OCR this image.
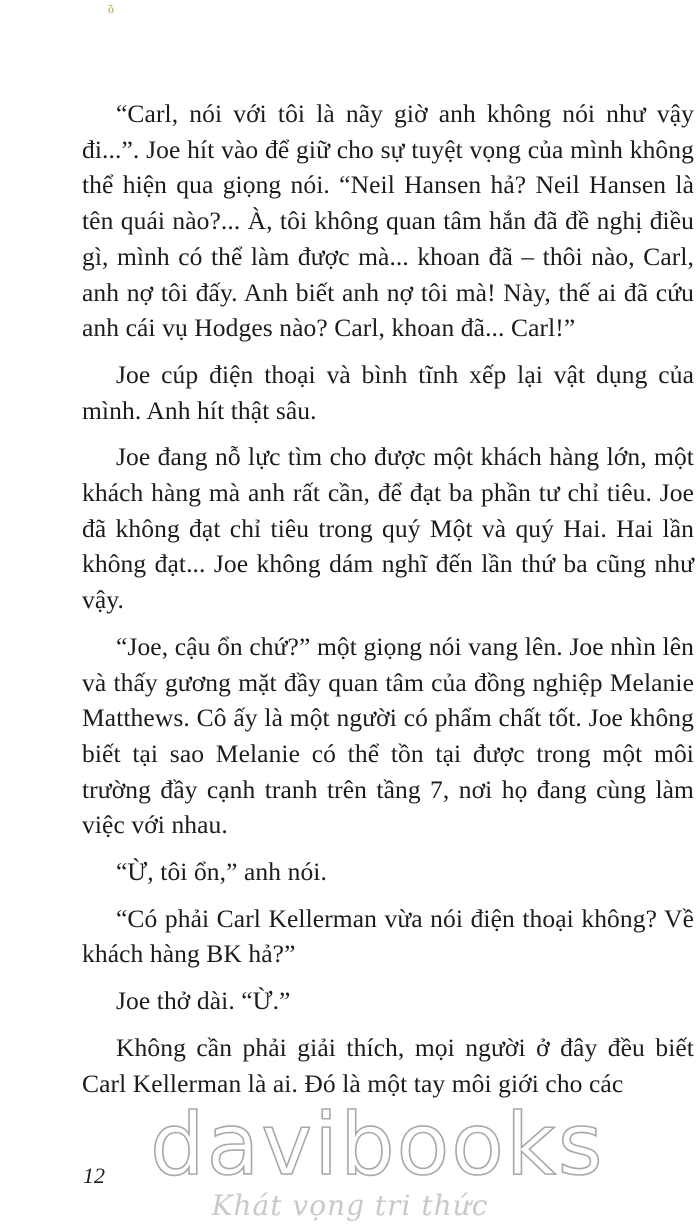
ồ

“Carl, nói với tôi là nãy giờ anh không nói như vậy đi...”. Joe hít vào để giữ cho sự tuyệt vọng của mình không thể hiện qua giọng nói. “Neil Hansen hả? Neil Hansen là tên quái nào?... À, tôi không quan tâm hắn đã đề nghị điều gì, mình có thể làm được mà... khoan đã – thôi nào, Carl, anh nợ tôi đấy. Anh biết anh nợ tôi mà! Này, thế ai đã cứu anh cái vụ Hodges nào? Carl, khoan đã... Carl!”

Joe cúp điện thoại và bình tĩnh xếp lại vật dụng của mình. Anh hít thật sâu.

Joe đang nỗ lực tìm cho được một khách hàng lớn, một khách hàng mà anh rất cần, để đạt ba phần tư chỉ tiêu. Joe đã không đạt chỉ tiêu trong quý Một và quý Hai. Hai lần không đạt... Joe không dám nghĩ đến lần thứ ba cũng như vậy.

“Joe, cậu ổn chứ?” một giọng nói vang lên. Joe nhìn lên và thấy gương mặt đầy quan tâm của đồng nghiệp Melanie Matthews. Cô ấy là một người có phẩm chất tốt. Joe không biết tại sao Melanie có thể tồn tại được trong một môi trường đầy cạnh tranh trên tầng 7, nơi họ đang cùng làm việc với nhau.

“Ừ, tôi ổn,” anh nói.

“Có phải Carl Kellerman vừa nói điện thoại không? Về khách hàng BK hả?”

Joe thở dài. “Ừ.”

Không cần phải giải thích, mọi người ở đây đều biết Carl Kellerman là ai. Đó là một tay môi giới cho các

davibooks
Khát vọng tri thức
12
